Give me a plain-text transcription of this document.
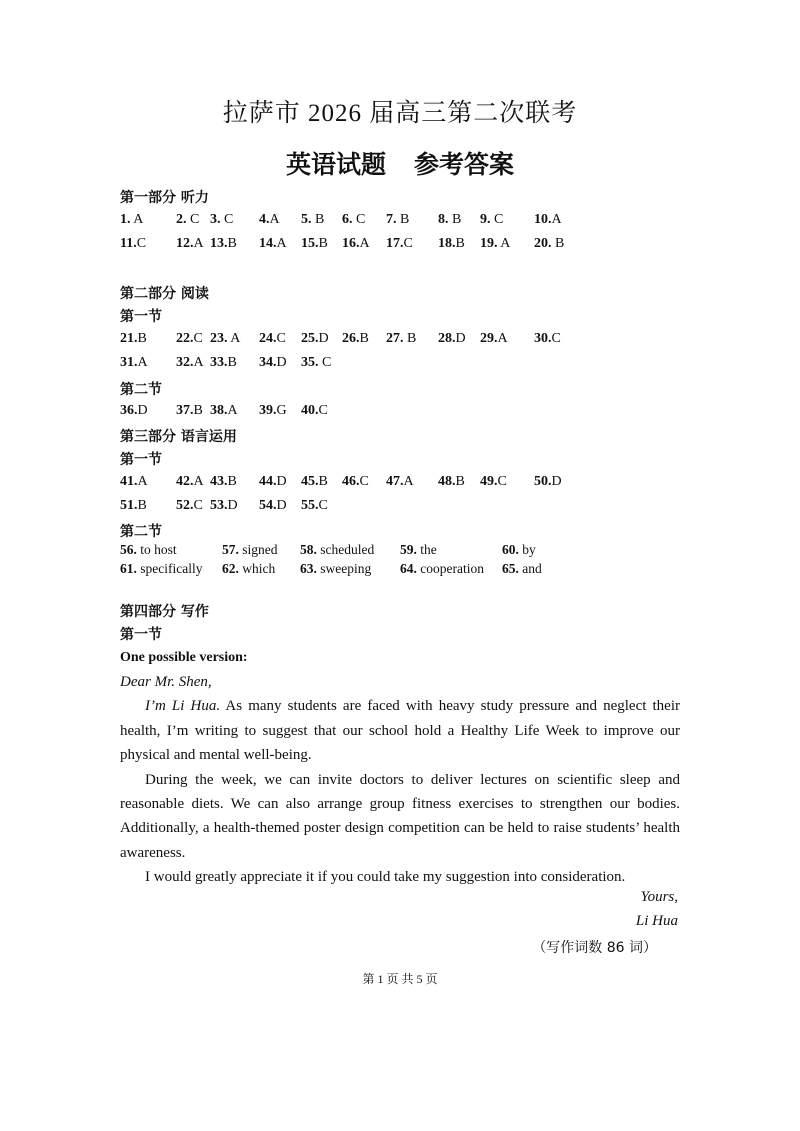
拉萨市 2026 届高三第二次联考
英语试题 参考答案
第一部分 听力
1. A 2. C 3. C 4.A 5. B 6. C 7. B 8. B 9. C 10.A
11.C 12.A 13.B 14.A 15.B 16.A 17.C 18.B 19. A 20. B
第二部分 阅读
第一节
21.B 22.C 23. A 24.C 25.D 26.B 27. B 28.D 29.A 30.C
31.A 32.A 33.B 34.D 35. C
第二节
36.D 37.B 38.A 39.G 40.C
第三部分 语言运用
第一节
41.A 42.A 43.B 44.D 45.B 46.C 47.A 48.B 49.C 50.D
51.B 52.C 53.D 54.D 55.C
第二节
56. to host	57. signed 58. scheduled 59. the	60. by
61. specifically 62. which 63. sweeping 64. cooperation 65. and
第四部分 写作
第一节
One possible version:

Dear Mr. Shen,

I’m Li Hua. As many students are faced with heavy study pressure and neglect their health, I’m writing to suggest that our school hold a Healthy Life Week to improve our physical and mental well-being.

During the week, we can invite doctors to deliver lectures on scientific sleep and reasonable diets. We can also arrange group fitness exercises to strengthen our bodies. Additionally, a health-themed poster design competition can be held to raise students’ health awareness.

I would greatly appreciate it if you could take my suggestion into consideration.

Yours,
Li Hua
（写作词数 86 词）
第 1 页 共 5 页
